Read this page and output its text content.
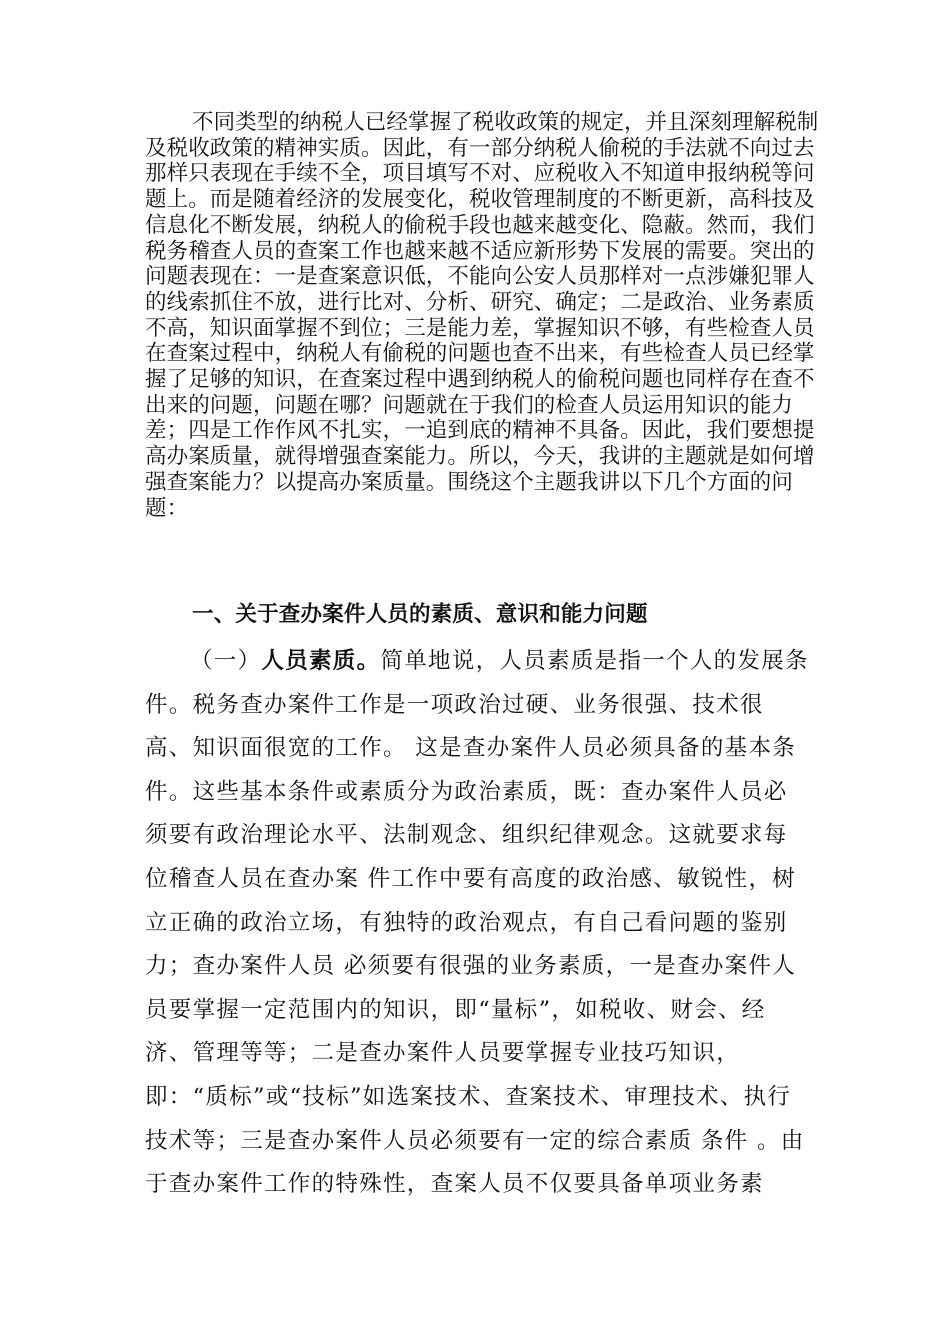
不同类型的纳税人已经掌握了税收政策的规定，并且深刻理解税制及税收政策的精神实质。因此，有一部分纳税人偷税的手法就不向过去那样只表现在手续不全，项目填写不对、应税收入不知道申报纳税等问题上。而是随着经济的发展变化，税收管理制度的不断更新，高科技及信息化不断发展，纳税人的偷税手段也越来越变化、隐蔽。然而，我们税务稽查人员的查案工作也越来越不适应新形势下发展的需要。突出的问题表现在：一是查案意识低，不能向公安人员那样对一点涉嫌犯罪人的线索抓住不放，进行比对、分析、研究、确定；二是政治、业务素质不高，知识面掌握不到位；三是能力差，掌握知识不够，有些检查人员在查案过程中，纳税人有偷税的问题也查不出来，有些检查人员已经掌握了足够的知识，在查案过程中遇到纳税人的偷税问题也同样存在查不出来的问题，问题在哪？问题就在于我们的检查人员运用知识的能力差；四是工作作风不扎实，一追到底的精神不具备。因此，我们要想提高办案质量，就得增强查案能力。所以，今天，我讲的主题就是如何增强查案能力？以提高办案质量。围绕这个主题我讲以下几个方面的问题：

一、关于查办案件人员的素质、意识和能力问题

（一）人员素质。简单地说，人员素质是指一个人的发展条件。税务查办案件工作是一项政治过硬、业务很强、技术很高、知识面很宽的工作。 这是查办案件人员必须具备的基本条件。这些基本条件或素质分为政治素质，既：查办案件人员必须要有政治理论水平、法制观念、组织纪律观念。这就要求每位稽查人员在查办案 件工作中要有高度的政治感、敏锐性，树立正确的政治立场，有独特的政治观点，有自己看问题的鉴别力；查办案件人员 必须要有很强的业务素质，一是查办案件人员要掌握一定范围内的知识，即“量标”，如税收、财会、经济、管理等等；二是查办案件人员要掌握专业技巧知识，即：“质标”或“技标”如选案技术、查案技术、审理技术、执行技术等；三是查办案件人员必须要有一定的综合素质 条件 。由于查办案件工作的特殊性，查案人员不仅要具备单项业务素
